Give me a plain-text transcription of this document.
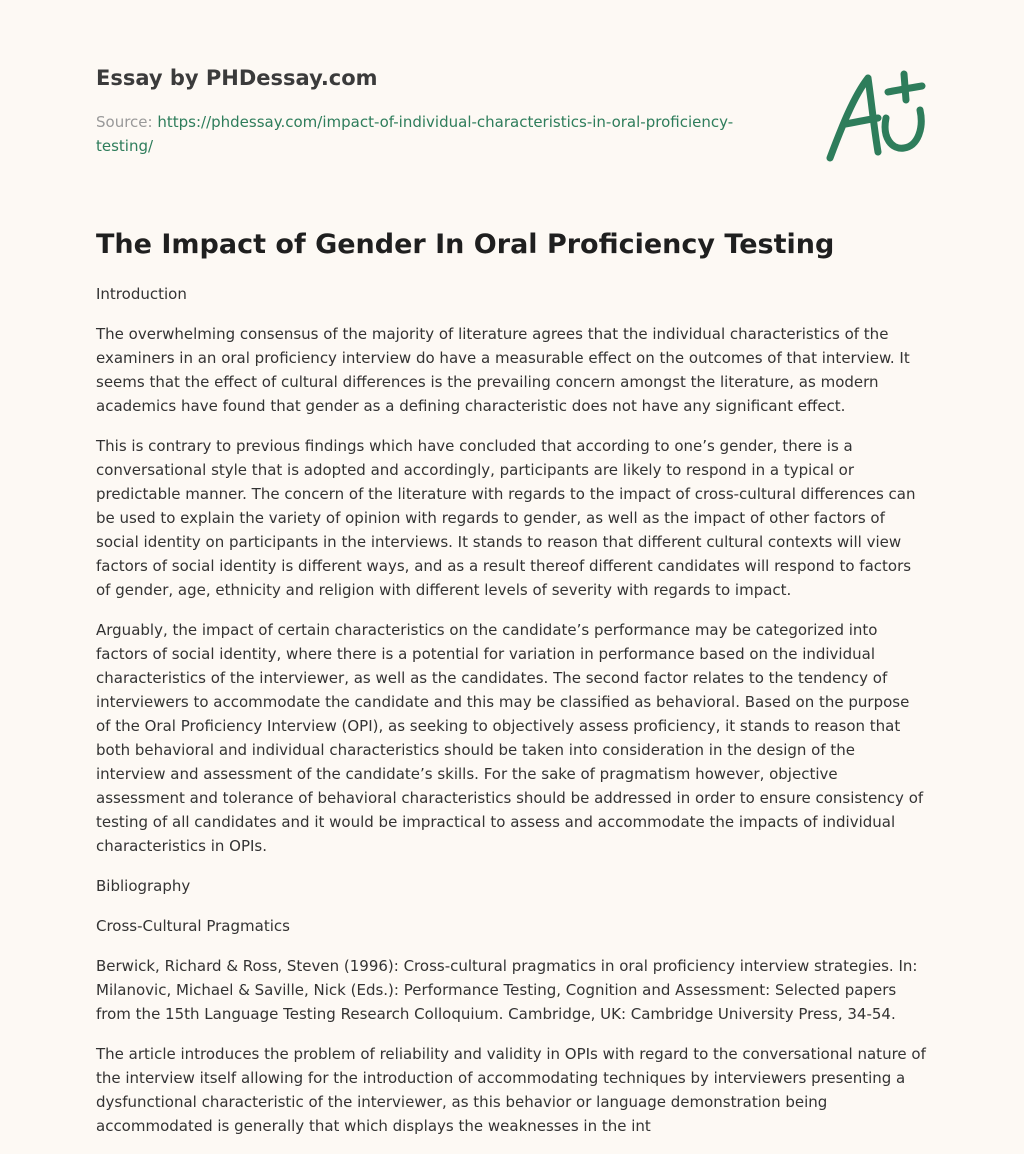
Essay by PHDessay.com
Source: https://phdessay.com/impact-of-individual-characteristics-in-oral-proficiency-testing/
The Impact of Gender In Oral Proficiency Testing

Introduction

The overwhelming consensus of the majority of literature agrees that the individual characteristics of the examiners in an oral proficiency interview do have a measurable effect on the outcomes of that interview. It seems that the effect of cultural differences is the prevailing concern amongst the literature, as modern academics have found that gender as a defining characteristic does not have any significant effect.

This is contrary to previous findings which have concluded that according to one’s gender, there is a conversational style that is adopted and accordingly, participants are likely to respond in a typical or predictable manner. The concern of the literature with regards to the impact of cross-cultural differences can be used to explain the variety of opinion with regards to gender, as well as the impact of other factors of social identity on participants in the interviews. It stands to reason that different cultural contexts will view factors of social identity is different ways, and as a result thereof different candidates will respond to factors of gender, age, ethnicity and religion with different levels of severity with regards to impact.

Arguably, the impact of certain characteristics on the candidate’s performance may be categorized into factors of social identity, where there is a potential for variation in performance based on the individual characteristics of the interviewer, as well as the candidates. The second factor relates to the tendency of interviewers to accommodate the candidate and this may be classified as behavioral. Based on the purpose of the Oral Proficiency Interview (OPI), as seeking to objectively assess proficiency, it stands to reason that both behavioral and individual characteristics should be taken into consideration in the design of the interview and assessment of the candidate’s skills. For the sake of pragmatism however, objective assessment and tolerance of behavioral characteristics should be addressed in order to ensure consistency of testing of all candidates and it would be impractical to assess and accommodate the impacts of individual characteristics in OPIs.

Bibliography

Cross-Cultural Pragmatics

Berwick, Richard & Ross, Steven (1996): Cross-cultural pragmatics in oral proficiency interview strategies. In: Milanovic, Michael & Saville, Nick (Eds.): Performance Testing, Cognition and Assessment: Selected papers from the 15th Language Testing Research Colloquium. Cambridge, UK: Cambridge University Press, 34-54.

The article introduces the problem of reliability and validity in OPIs with regard to the conversational nature of the interview itself allowing for the introduction of accommodating techniques by interviewers presenting a dysfunctional characteristic of the interviewer, as this behavior or language demonstration being accommodated is generally that which displays the weaknesses in the int
